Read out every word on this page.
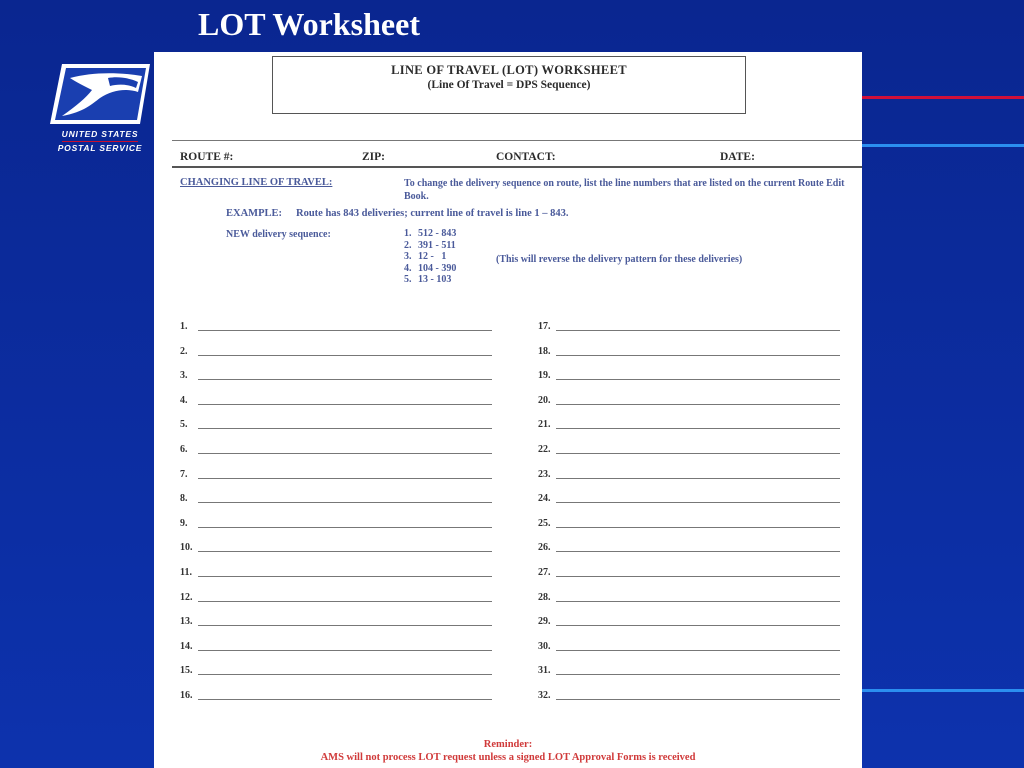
LOT Worksheet
UNITED STATES
POSTAL SERVICE
LINE OF TRAVEL (LOT) WORKSHEET
(Line Of Travel = DPS Sequence)
ROUTE #:	ZIP:	CONTACT:	DATE:
CHANGING LINE OF TRAVEL:	To change the delivery sequence on route, list the line numbers that are listed on the current Route Edit Book.
EXAMPLE: Route has 843 deliveries; current line of travel is line 1 – 843.
NEW delivery sequence:	1. 512 - 843
2. 391 - 511
3. 12 -   1
4. 104 - 390
5. 13 - 103
(This will reverse the delivery pattern for these deliveries)
1.
2.
3.
4.
5.
6.
7.
8.
9.
10.
11.
12.
13.
14.
15.
16.
17.
18.
19.
20.
21.
22.
23.
24.
25.
26.
27.
28.
29.
30.
31.
32.
Reminder:
AMS will not process LOT request unless a signed LOT Approval Forms is received
